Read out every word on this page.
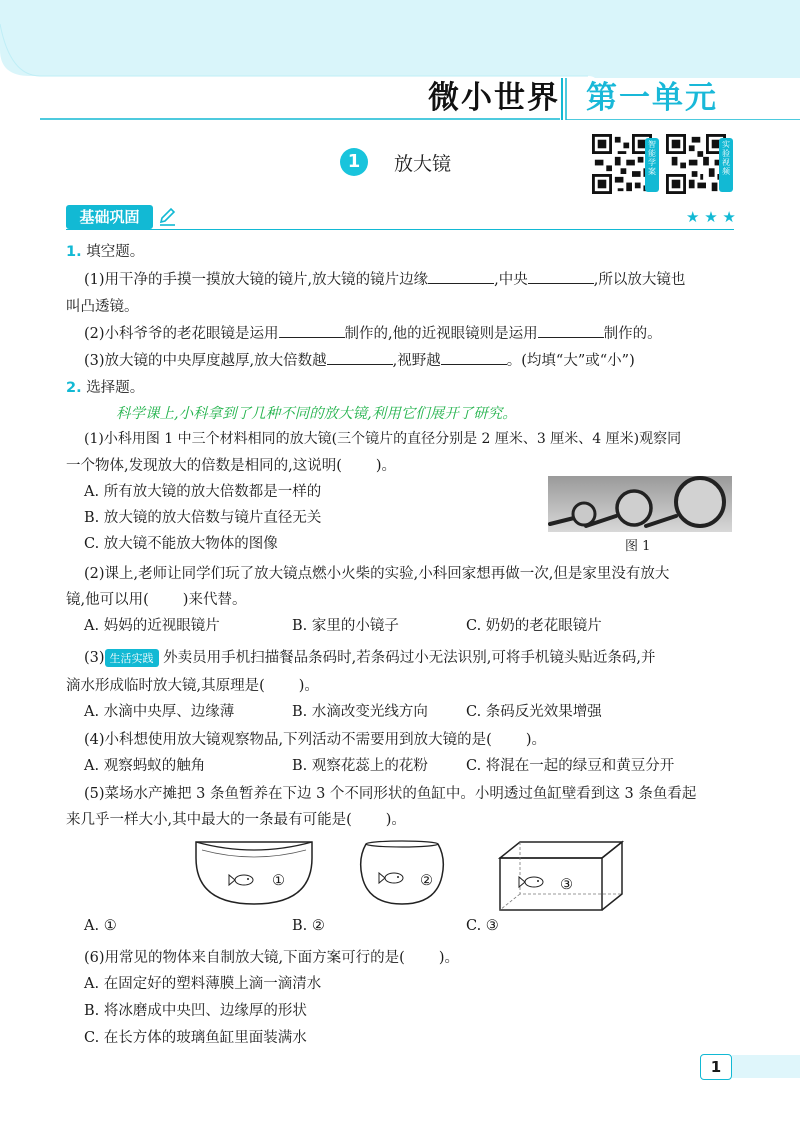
微小世界 第一单元
1	放大镜
智能学案
实验视频
基础巩固	★ ★ ★
1. 填空题。
(1)用干净的手摸一摸放大镜的镜片,放大镜的镜片边缘	,中央	,所以放大镜也
叫凸透镜。
(2)小科爷爷的老花眼镜是运用	制作的,他的近视眼镜则是运用	制作的。
(3)放大镜的中央厚度越厚,放大倍数越	,视野越	。(均填“大”或“小”)
2. 选择题。
科学课上,小科拿到了几种不同的放大镜,利用它们展开了研究。
(1)小科用图 1 中三个材料相同的放大镜(三个镜片的直径分别是 2 厘米、3 厘米、4 厘米)观察同
一个物体,发现放大的倍数是相同的,这说明( )。
A. 所有放大镜的放大倍数都是一样的
B. 放大镜的放大倍数与镜片直径无关
C. 放大镜不能放大物体的图像	图 1
(2)课上,老师让同学们玩了放大镜点燃小火柴的实验,小科回家想再做一次,但是家里没有放大
镜,他可以用( )来代替。
A. 妈妈的近视眼镜片	B. 家里的小镜子	C. 奶奶的老花眼镜片
(3) 生活实践 外卖员用手机扫描餐品条码时,若条码过小无法识别,可将手机镜头贴近条码,并
滴水形成临时放大镜,其原理是( )。
A. 水滴中央厚、边缘薄	B. 水滴改变光线方向	C. 条码反光效果增强
(4)小科想使用放大镜观察物品,下列活动不需要用到放大镜的是( )。
A. 观察蚂蚁的触角	B. 观察花蕊上的花粉	C. 将混在一起的绿豆和黄豆分开
(5)菜场水产摊把 3 条鱼暂养在下边 3 个不同形状的鱼缸中。小明透过鱼缸壁看到这 3 条鱼看起
来几乎一样大小,其中最大的一条最有可能是( )。
①	②	③
A. ①	B. ②	C. ③
(6)用常见的物体来自制放大镜,下面方案可行的是( )。
A. 在固定好的塑料薄膜上滴一滴清水
B. 将冰磨成中央凹、边缘厚的形状
C. 在长方体的玻璃鱼缸里面装满水
1
